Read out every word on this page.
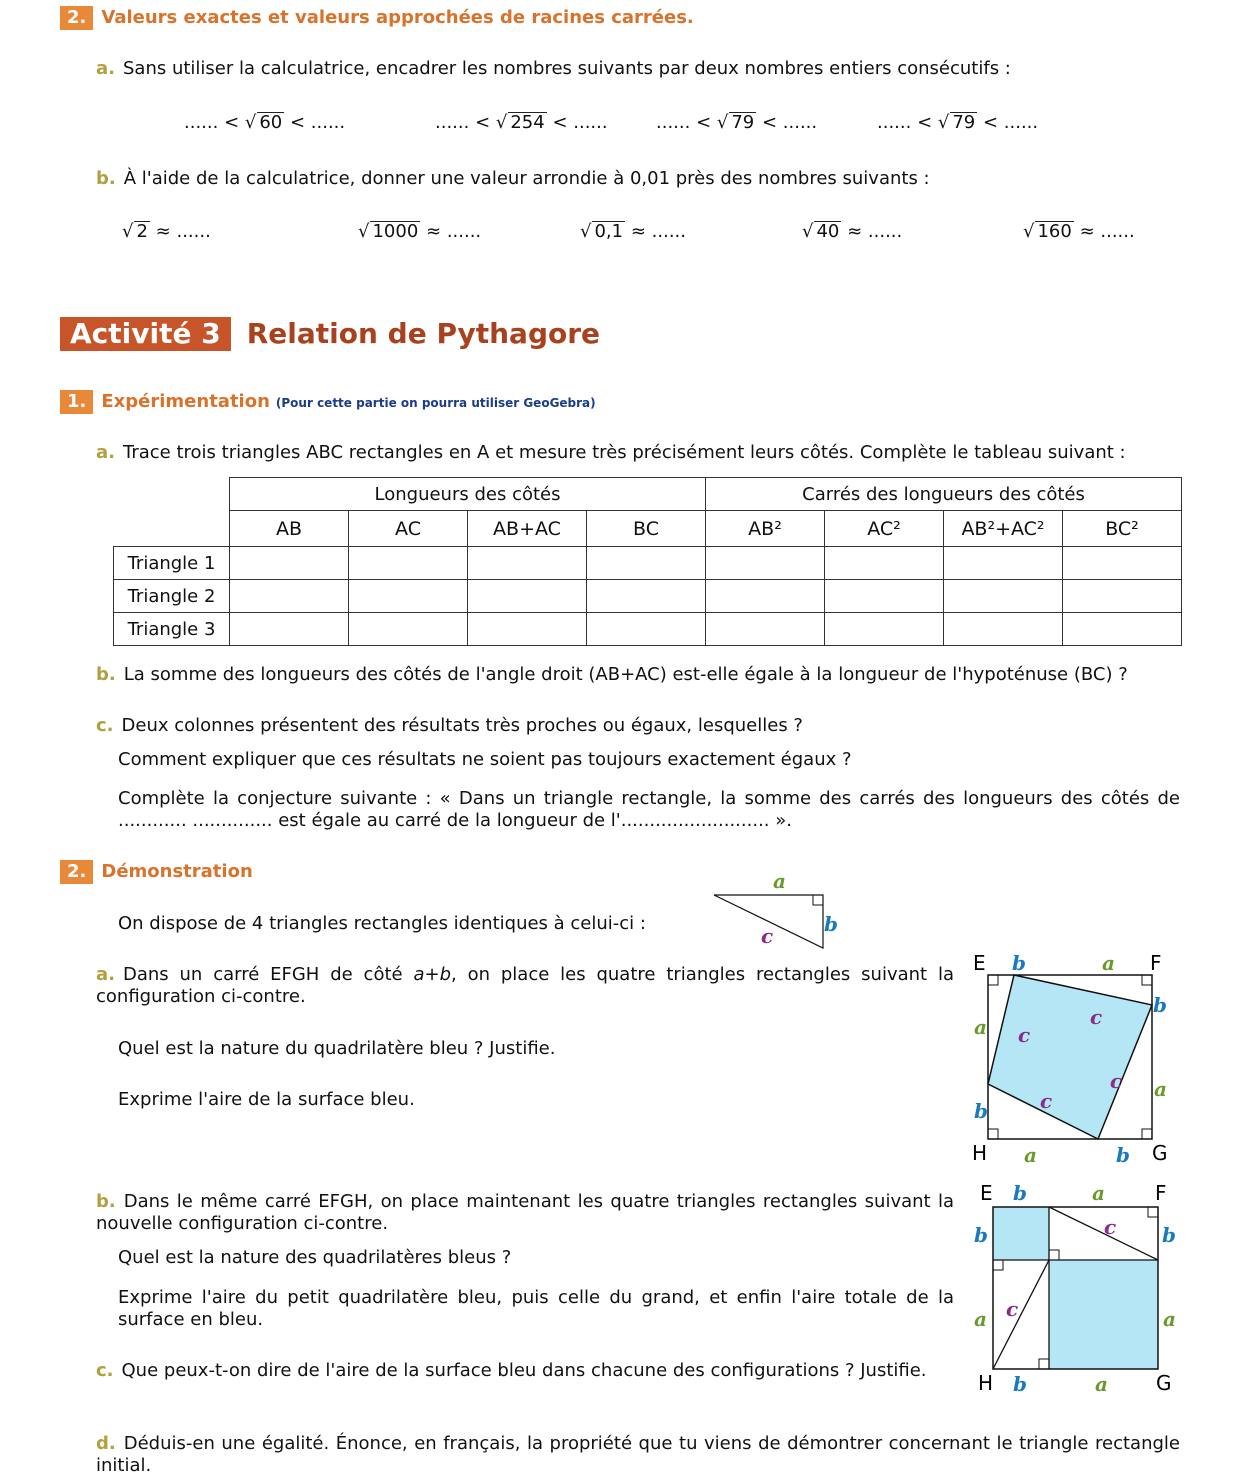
2. Valeurs exactes et valeurs approchées de racines carrées.
a. Sans utiliser la calculatrice, encadrer les nombres suivants par deux nombres entiers consécutifs :
...... < √ 60 < ......	...... < √ 254 < ......	...... < √ 79 < ......	...... < √ 79 < ......
b. À l'aide de la calculatrice, donner une valeur arrondie à 0,01 près des nombres suivants :
√ 2 ≈ ......	√ 1000 ≈ ......	√ 0,1 ≈ ......	√ 40 ≈ ......	√ 160 ≈ ......
Activité 3 Relation de Pythagore
1. Expérimentation (Pour cette partie on pourra utiliser GeoGebra)
a. Trace trois triangles ABC rectangles en A et mesure très précisément leurs côtés. Complète le tableau suivant :
	Longueurs des côtés				Carrés des longueurs des côtés			
	AB	AC	AB+AC	BC	AB²	AC²	AB²+AC²	BC²
Triangle 1								
Triangle 2								
Triangle 3								
b. La somme des longueurs des côtés de l'angle droit (AB+AC) est-elle égale à la longueur de l'hypoténuse (BC) ?
c. Deux colonnes présentent des résultats très proches ou égaux, lesquelles ?
Comment expliquer que ces résultats ne soient pas toujours exactement égaux ?
Complète la conjecture suivante : « Dans un triangle rectangle, la somme des carrés des longueurs des côtés de ............ .............. est égale au carré de la longueur de l'.......................... ».
2. Démonstration
On dispose de 4 triangles rectangles identiques à celui-ci :
a
b
c
a. Dans un carré EFGH de côté a+b, on place les quatre triangles rectangles suivant la configuration ci-contre.
Quel est la nature du quadrilatère bleu ? Justifie.
Exprime l'aire de la surface bleu.
E	F
G
H
b	a
b
a
b
a
a
b
c
c
c
c
b. Dans le même carré EFGH, on place maintenant les quatre triangles rectangles suivant la nouvelle configuration ci-contre.
Quel est la nature des quadrilatères bleus ?
Exprime l'aire du petit quadrilatère bleu, puis celle du grand, et enfin l'aire totale de la surface en bleu.
E	F
G
H
b	a
b	b
a	a
b	a
c
c
c. Que peux-t-on dire de l'aire de la surface bleu dans chacune des configurations ? Justifie.
d. Déduis-en une égalité. Énonce, en français, la propriété que tu viens de démontrer concernant le triangle rectangle initial.
